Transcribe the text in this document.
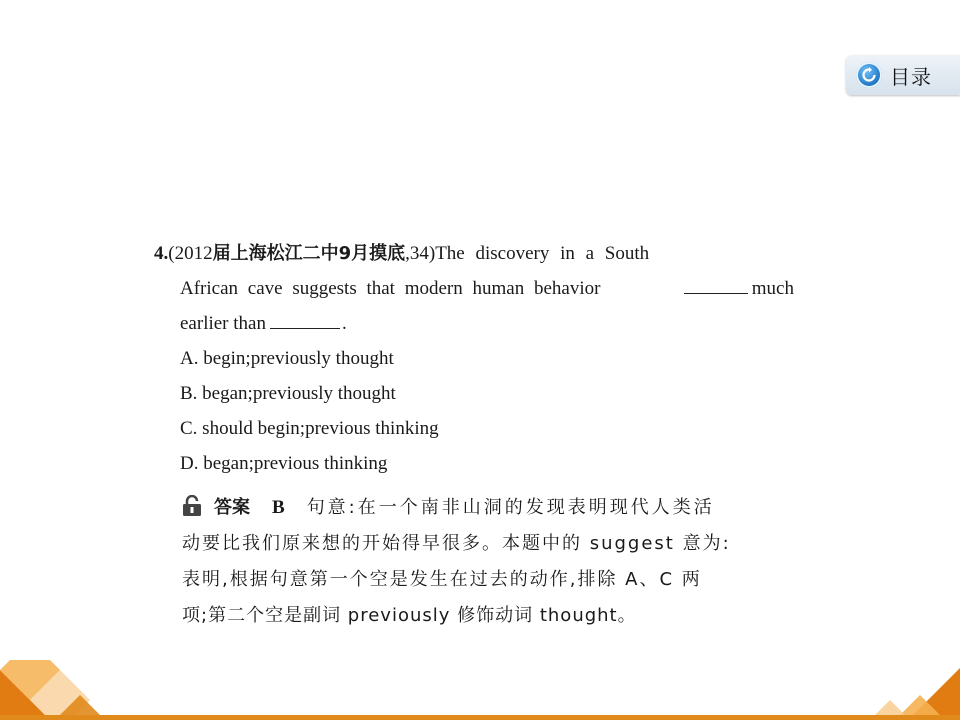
目录
4.(2012届上海松江二中9月摸底,34)The discovery in a South
African cave suggests that modern human behavior	much
earlier than	.
A. begin;previously thought
B. began;previously thought
C. should begin;previous thinking
D. began;previous thinking
答案 B 句意:在一个南非山洞的发现表明现代人类活
动要比我们原来想的开始得早很多。本题中的 suggest 意为:
表明,根据句意第一个空是发生在过去的动作,排除 A、C 两
项;第二个空是副词 previously 修饰动词 thought。
